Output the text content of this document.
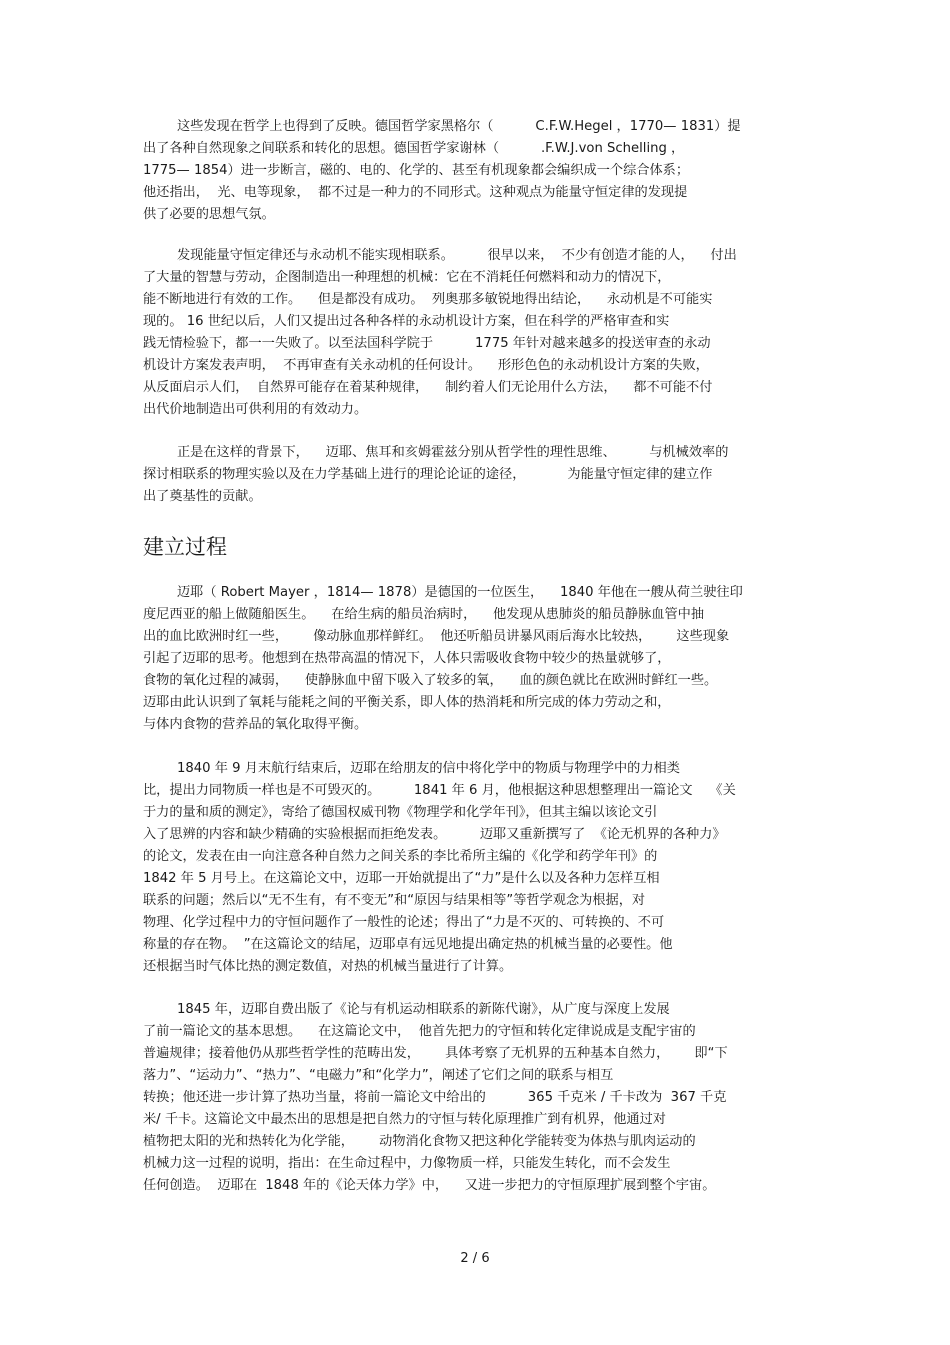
这些发现在哲学上也得到了反映。德国哲学家黑格尔（          C.F.W.Hegel ，1770— 1831）提
出了各种自然现象之间联系和转化的思想。德国哲学家谢林（          .F.W.J.von Schelling ，
1775— 1854）进一步断言，磁的、电的、化学的、甚至有机现象都会编织成一个综合体系；
他还指出，  光、电等现象，  都不过是一种力的不同形式。这种观点为能量守恒定律的发现提
供了必要的思想气氛。
发现能量守恒定律还与永动机不能实现相联系。        很早以来，  不少有创造才能的人，    付出
了大量的智慧与劳动，企图制造出一种理想的机械：它在不消耗任何燃料和动力的情况下，
能不断地进行有效的工作。    但是都没有成功。  列奥那多敏锐地得出结论，    永动机是不可能实
现的。 16 世纪以后，人们又提出过各种各样的永动机设计方案，但在科学的严格审查和实
践无情检验下，都一一失败了。以至法国科学院于          1775 年针对越来越多的投送审查的永动
机设计方案发表声明，  不再审查有关永动机的任何设计。    形形色色的永动机设计方案的失败，
从反面启示人们，  自然界可能存在着某种规律，    制约着人们无论用什么方法，    都不可能不付
出代价地制造出可供利用的有效动力。
正是在这样的背景下，    迈耶、焦耳和亥姆霍兹分别从哲学性的理性思维、        与机械效率的
探讨相联系的物理实验以及在力学基础上进行的理论论证的途径，          为能量守恒定律的建立作
出了奠基性的贡献。
建立过程
迈耶（ Robert Mayer ，1814— 1878）是德国的一位医生，    1840 年他在一艘从荷兰驶往印
度尼西亚的船上做随船医生。    在给生病的船员治病时，    他发现从患肺炎的船员静脉血管中抽
出的血比欧洲时红一些，      像动脉血那样鲜红。  他还听船员讲暴风雨后海水比较热，      这些现象
引起了迈耶的思考。他想到在热带高温的情况下，人体只需吸收食物中较少的热量就够了，
食物的氧化过程的减弱，    使静脉血中留下吸入了较多的氧，    血的颜色就比在欧洲时鲜红一些。
迈耶由此认识到了氧耗与能耗之间的平衡关系，即人体的热消耗和所完成的体力劳动之和，
与体内食物的营养品的氧化取得平衡。
1840 年 9 月末航行结束后，迈耶在给朋友的信中将化学中的物质与物理学中的力相类
比，提出力同物质一样也是不可毁灭的。        1841 年 6 月，他根据这种思想整理出一篇论文    《关
于力的量和质的测定》，寄给了德国权威刊物《物理学和化学年刊》，但其主编以该论文引
入了思辨的内容和缺少精确的实验根据而拒绝发表。        迈耶又重新撰写了  《论无机界的各种力》
的论文，发表在由一向注意各种自然力之间关系的李比希所主编的《化学和药学年刊》的
1842 年 5 月号上。在这篇论文中，迈耶一开始就提出了“力”是什么以及各种力怎样互相
联系的问题；然后以“无不生有，有不变无”和“原因与结果相等”等哲学观念为根据，对
物理、化学过程中力的守恒问题作了一般性的论述；得出了“力是不灭的、可转换的、不可
称量的存在物。  ”在这篇论文的结尾，迈耶卓有远见地提出确定热的机械当量的必要性。他
还根据当时气体比热的测定数值，对热的机械当量进行了计算。
1845 年，迈耶自费出版了《论与有机运动相联系的新陈代谢》，从广度与深度上发展
了前一篇论文的基本思想。    在这篇论文中，  他首先把力的守恒和转化定律说成是支配宇宙的
普遍规律；接着他仍从那些哲学性的范畴出发，      具体考察了无机界的五种基本自然力，      即“下
落力”、“运动力”、“热力”、“电磁力”和“化学力”，阐述了它们之间的联系与相互
转换；他还进一步计算了热功当量，将前一篇论文中给出的          365 千克米 / 千卡改为  367 千克
米/ 千卡。这篇论文中最杰出的思想是把自然力的守恒与转化原理推广到有机界，他通过对
植物把太阳的光和热转化为化学能，      动物消化食物又把这种化学能转变为体热与肌肉运动的
机械力这一过程的说明，指出：在生命过程中，力像物质一样，只能发生转化，而不会发生
任何创造。  迈耶在  1848 年的《论天体力学》中，    又进一步把力的守恒原理扩展到整个宇宙。
2 / 6
